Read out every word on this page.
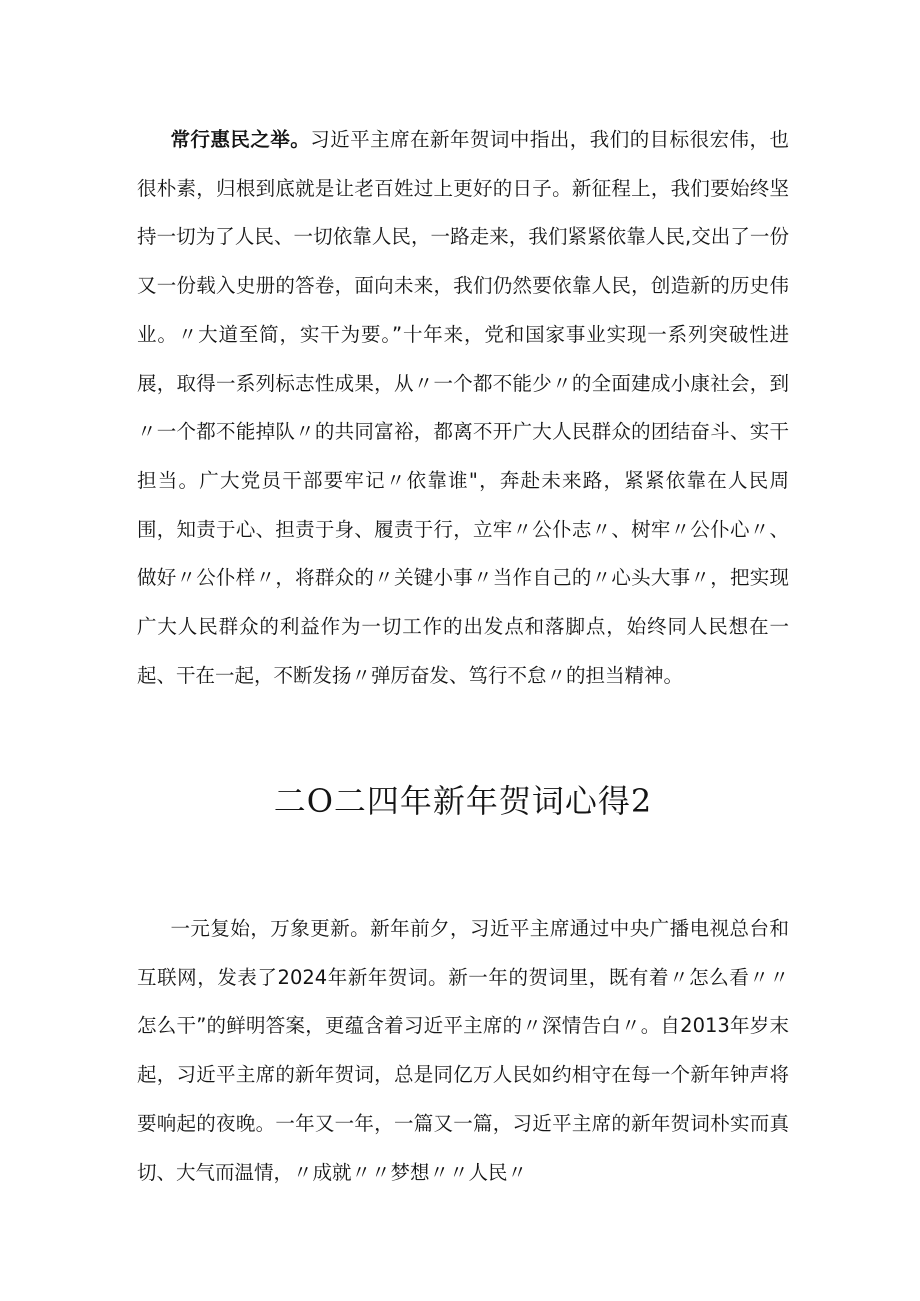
常行惠民之举。习近平主席在新年贺词中指出，我们的目标很宏伟，也很朴素，归根到底就是让老百姓过上更好的日子。新征程上，我们要始终坚持一切为了人民、一切依靠人民，一路走来，我们紧紧依靠人民,交出了一份又一份载入史册的答卷，面向未来，我们仍然要依靠人民，创造新的历史伟业。〃大道至简，实干为要。”十年来，党和国家事业实现一系列突破性进展，取得一系列标志性成果，从〃一个都不能少〃的全面建成小康社会，到〃一个都不能掉队〃的共同富裕，都离不开广大人民群众的团结奋斗、实干担当。广大党员干部要牢记〃依靠谁"，奔赴未来路，紧紧依靠在人民周围，知责于心、担责于身、履责于行，立牢〃公仆志〃、树牢〃公仆心〃、做好〃公仆样〃，将群众的〃关键小事〃当作自己的〃心头大事〃，把实现广大人民群众的利益作为一切工作的出发点和落脚点，始终同人民想在一起、干在一起，不断发扬〃弹厉奋发、笃行不怠〃的担当精神。

二O二四年新年贺词心得2

一元复始，万象更新。新年前夕，习近平主席通过中央广播电视总台和互联网，发表了2024年新年贺词。新一年的贺词里，既有着〃怎么看〃〃怎么干”的鲜明答案，更蕴含着习近平主席的〃深情告白〃。自2013年岁末起，习近平主席的新年贺词，总是同亿万人民如约相守在每一个新年钟声将要响起的夜晚。一年又一年，一篇又一篇，习近平主席的新年贺词朴实而真切、大气而温情，〃成就〃〃梦想〃〃人民〃
